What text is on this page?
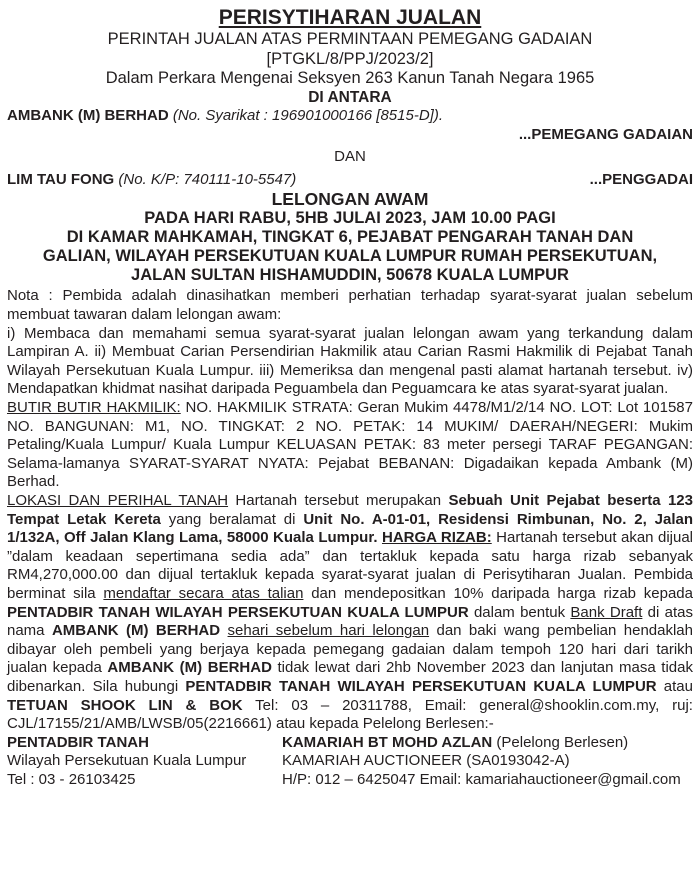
PERISYTIHARAN JUALAN
PERINTAH JUALAN ATAS PERMINTAAN PEMEGANG GADAIAN
[PTGKL/8/PPJ/2023/2]
Dalam Perkara Mengenai Seksyen 263 Kanun Tanah Negara 1965
DI ANTARA
AMBANK (M) BERHAD (No. Syarikat : 196901000166 [8515-D]).
...PEMEGANG GADAIAN
DAN
LIM TAU FONG (No. K/P: 740111-10-5547)	...PENGGADAI
LELONGAN AWAM
PADA HARI RABU, 5HB JULAI 2023, JAM 10.00 PAGI
DI KAMAR MAHKAMAH, TINGKAT 6, PEJABAT PENGARAH TANAH DAN
GALIAN, WILAYAH PERSEKUTUAN KUALA LUMPUR RUMAH PERSEKUTUAN,
JALAN SULTAN HISHAMUDDIN, 50678 KUALA LUMPUR
Nota : Pembida adalah dinasihatkan memberi perhatian terhadap syarat-syarat jualan sebelum membuat tawaran dalam lelongan awam:
i) Membaca dan memahami semua syarat-syarat jualan lelongan awam yang terkandung dalam Lampiran A. ii) Membuat Carian Persendirian Hakmilik atau Carian Rasmi Hakmilik di Pejabat Tanah Wilayah Persekutuan Kuala Lumpur. iii) Memeriksa dan mengenal pasti alamat hartanah tersebut. iv) Mendapatkan khidmat nasihat daripada Peguambela dan Peguamcara ke atas syarat-syarat jualan.
BUTIR BUTIR HAKMILIK: NO. HAKMILIK STRATA: Geran Mukim 4478/M1/2/14 NO. LOT: Lot 101587 NO. BANGUNAN: M1, NO. TINGKAT: 2 NO. PETAK: 14 MUKIM/ DAERAH/NEGERI: Mukim Petaling/Kuala Lumpur/ Kuala Lumpur KELUASAN PETAK: 83 meter persegi TARAF PEGANGAN: Selama-lamanya SYARAT-SYARAT NYATA: Pejabat BEBANAN: Digadaikan kepada Ambank (M) Berhad.
LOKASI DAN PERIHAL TANAH Hartanah tersebut merupakan Sebuah Unit Pejabat beserta 123 Tempat Letak Kereta yang beralamat di Unit No. A-01-01, Residensi Rimbunan, No. 2, Jalan 1/132A, Off Jalan Klang Lama, 58000 Kuala Lumpur. HARGA RIZAB: Hartanah tersebut akan dijual ”dalam keadaan sepertimana sedia ada” dan tertakluk kepada satu harga rizab sebanyak RM4,270,000.00 dan dijual tertakluk kepada syarat-syarat jualan di Perisytiharan Jualan. Pembida berminat sila mendaftar secara atas talian dan mendepositkan 10% daripada harga rizab kepada PENTADBIR TANAH WILAYAH PERSEKUTUAN KUALA LUMPUR dalam bentuk Bank Draft di atas nama AMBANK (M) BERHAD sehari sebelum hari lelongan dan baki wang pembelian hendaklah dibayar oleh pembeli yang berjaya kepada pemegang gadaian dalam tempoh 120 hari dari tarikh jualan kepada AMBANK (M) BERHAD tidak lewat dari 2hb November 2023 dan lanjutan masa tidak dibenarkan. Sila hubungi PENTADBIR TANAH WILAYAH PERSEKUTUAN KUALA LUMPUR atau TETUAN SHOOK LIN & BOK Tel: 03 – 20311788, Email: general@shooklin.com.my, ruj: CJL/17155/21/AMB/LWSB/05(2216661) atau kepada Pelelong Berlesen:-
PENTADBIR TANAH
Wilayah Persekutuan Kuala Lumpur
Tel : 03 - 26103425
KAMARIAH BT MOHD AZLAN (Pelelong Berlesen)
KAMARIAH AUCTIONEER (SA0193042-A)
H/P: 012 – 6425047 Email: kamariahauctioneer@gmail.com
